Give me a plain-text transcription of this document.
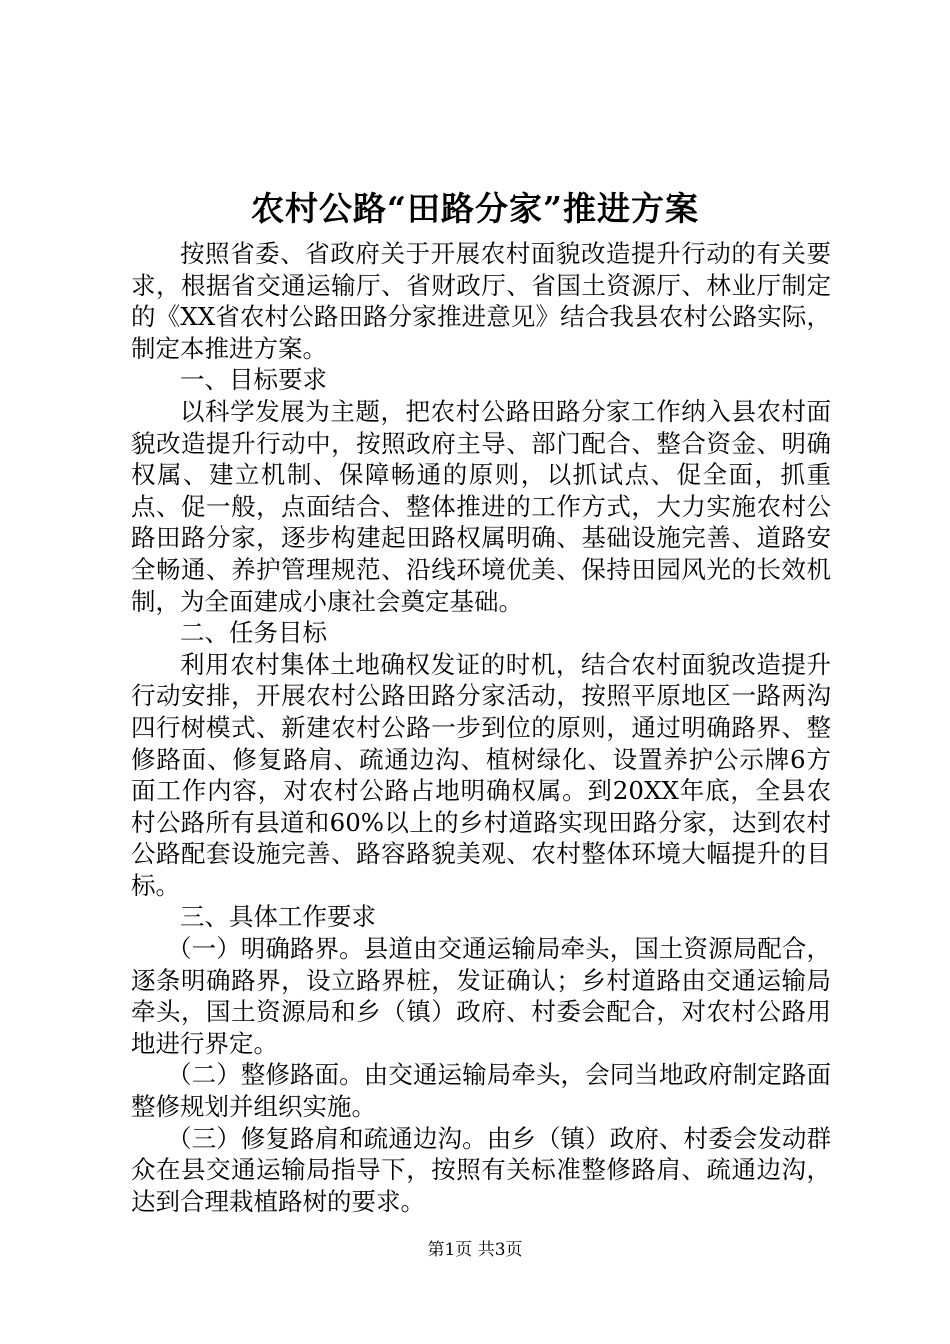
农村公路“田路分家”推进方案

按照省委、省政府关于开展农村面貌改造提升行动的有关要求，根据省交通运输厅、省财政厅、省国土资源厅、林业厅制定的《XX省农村公路田路分家推进意见》结合我县农村公路实际，制定本推进方案。

一、目标要求

以科学发展为主题，把农村公路田路分家工作纳入县农村面貌改造提升行动中，按照政府主导、部门配合、整合资金、明确权属、建立机制、保障畅通的原则，以抓试点、促全面，抓重点、促一般，点面结合、整体推进的工作方式，大力实施农村公路田路分家，逐步构建起田路权属明确、基础设施完善、道路安全畅通、养护管理规范、沿线环境优美、保持田园风光的长效机制，为全面建成小康社会奠定基础。

二、任务目标

利用农村集体土地确权发证的时机，结合农村面貌改造提升行动安排，开展农村公路田路分家活动，按照平原地区一路两沟四行树模式、新建农村公路一步到位的原则，通过明确路界、整修路面、修复路肩、疏通边沟、植树绿化、设置养护公示牌6方面工作内容，对农村公路占地明确权属。到20XX年底，全县农村公路所有县道和60%以上的乡村道路实现田路分家，达到农村公路配套设施完善、路容路貌美观、农村整体环境大幅提升的目标。

三、具体工作要求

（一）明确路界。县道由交通运输局牵头，国土资源局配合，逐条明确路界，设立路界桩，发证确认；乡村道路由交通运输局牵头，国土资源局和乡（镇）政府、村委会配合，对农村公路用地进行界定。

（二）整修路面。由交通运输局牵头，会同当地政府制定路面整修规划并组织实施。

（三）修复路肩和疏通边沟。由乡（镇）政府、村委会发动群众在县交通运输局指导下，按照有关标准整修路肩、疏通边沟，达到合理栽植路树的要求。

第1页 共3页
